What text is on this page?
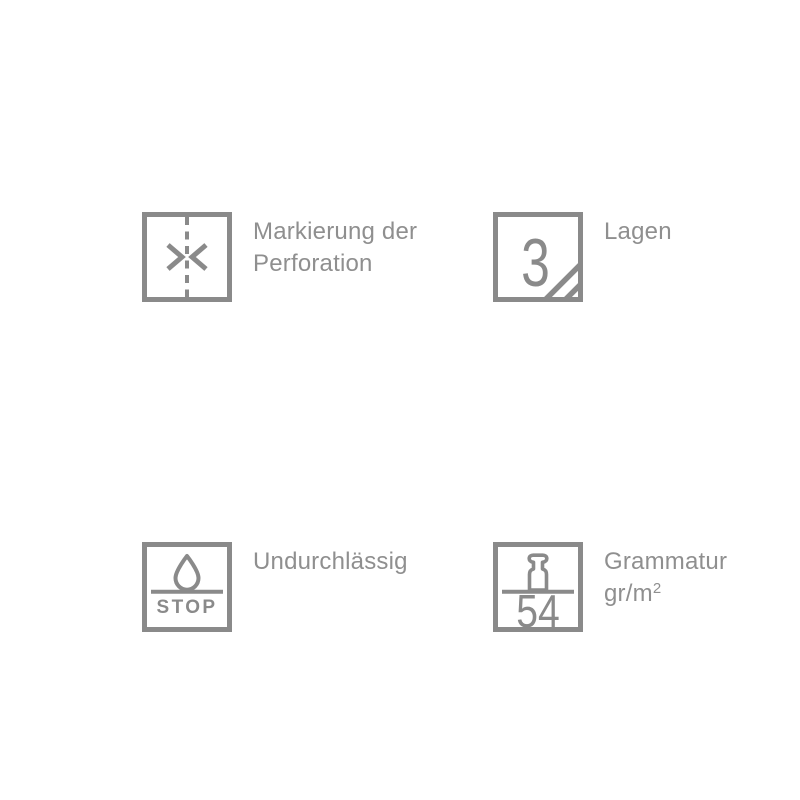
Markierung der
Perforation	3 Lagen
STOP
Undurchlässig
54
Grammatur
$gr/m^2$
